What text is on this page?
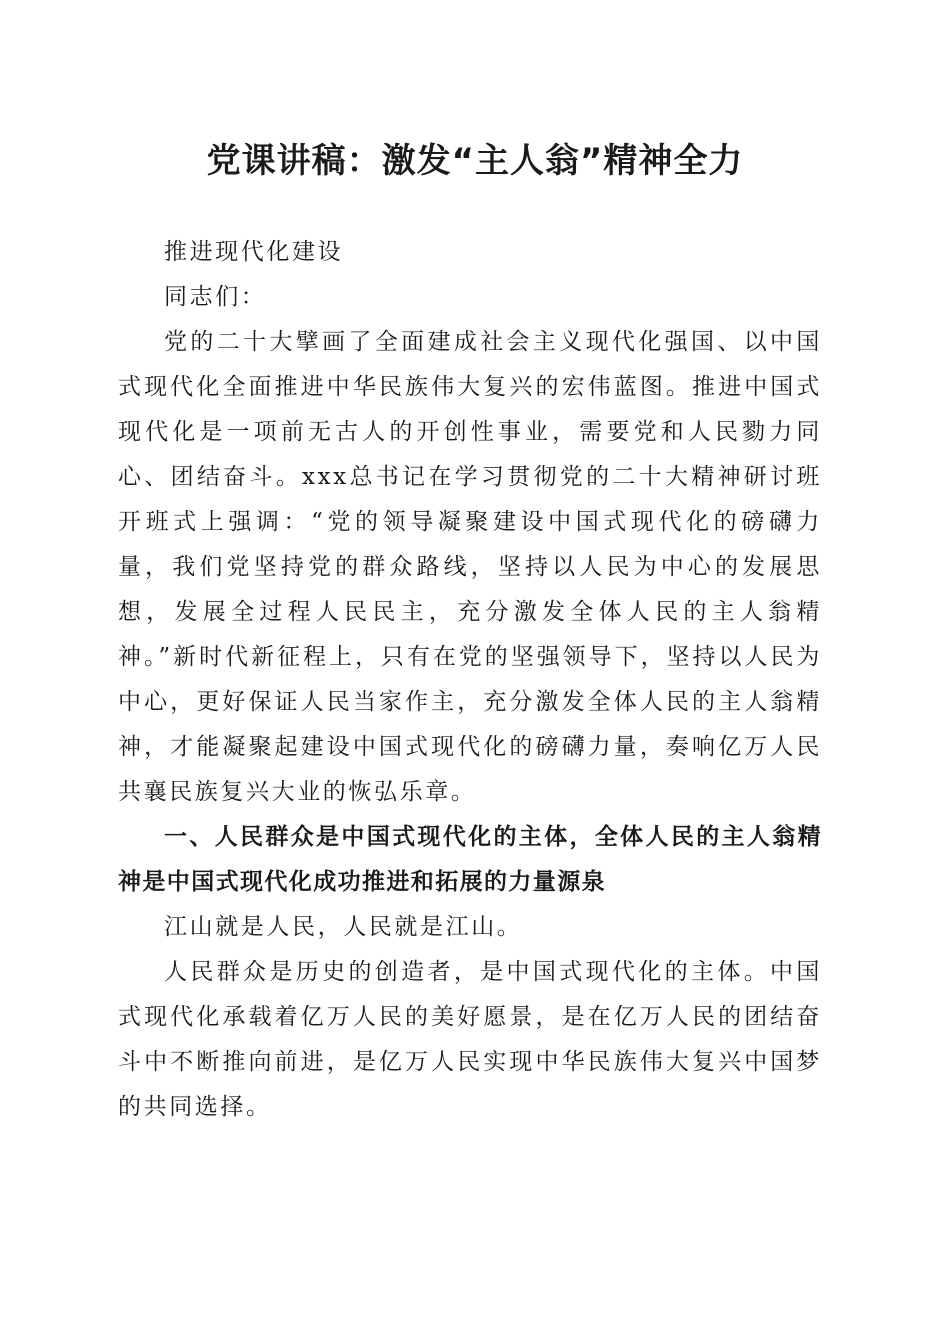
党课讲稿：激发“主人翁”精神全力

推进现代化建设

同志们：

党的二十大擘画了全面建成社会主义现代化强国、以中国式现代化全面推进中华民族伟大复兴的宏伟蓝图。推进中国式现代化是一项前无古人的开创性事业，需要党和人民勠力同心、团结奋斗。xxx总书记在学习贯彻党的二十大精神研讨班开班式上强调：“党的领导凝聚建设中国式现代化的磅礴力量，我们党坚持党的群众路线，坚持以人民为中心的发展思想，发展全过程人民民主，充分激发全体人民的主人翁精神。”新时代新征程上，只有在党的坚强领导下，坚持以人民为中心，更好保证人民当家作主，充分激发全体人民的主人翁精神，才能凝聚起建设中国式现代化的磅礴力量，奏响亿万人民共襄民族复兴大业的恢弘乐章。

一、人民群众是中国式现代化的主体，全体人民的主人翁精神是中国式现代化成功推进和拓展的力量源泉

江山就是人民，人民就是江山。

人民群众是历史的创造者，是中国式现代化的主体。中国式现代化承载着亿万人民的美好愿景，是在亿万人民的团结奋斗中不断推向前进，是亿万人民实现中华民族伟大复兴中国梦的共同选择。
